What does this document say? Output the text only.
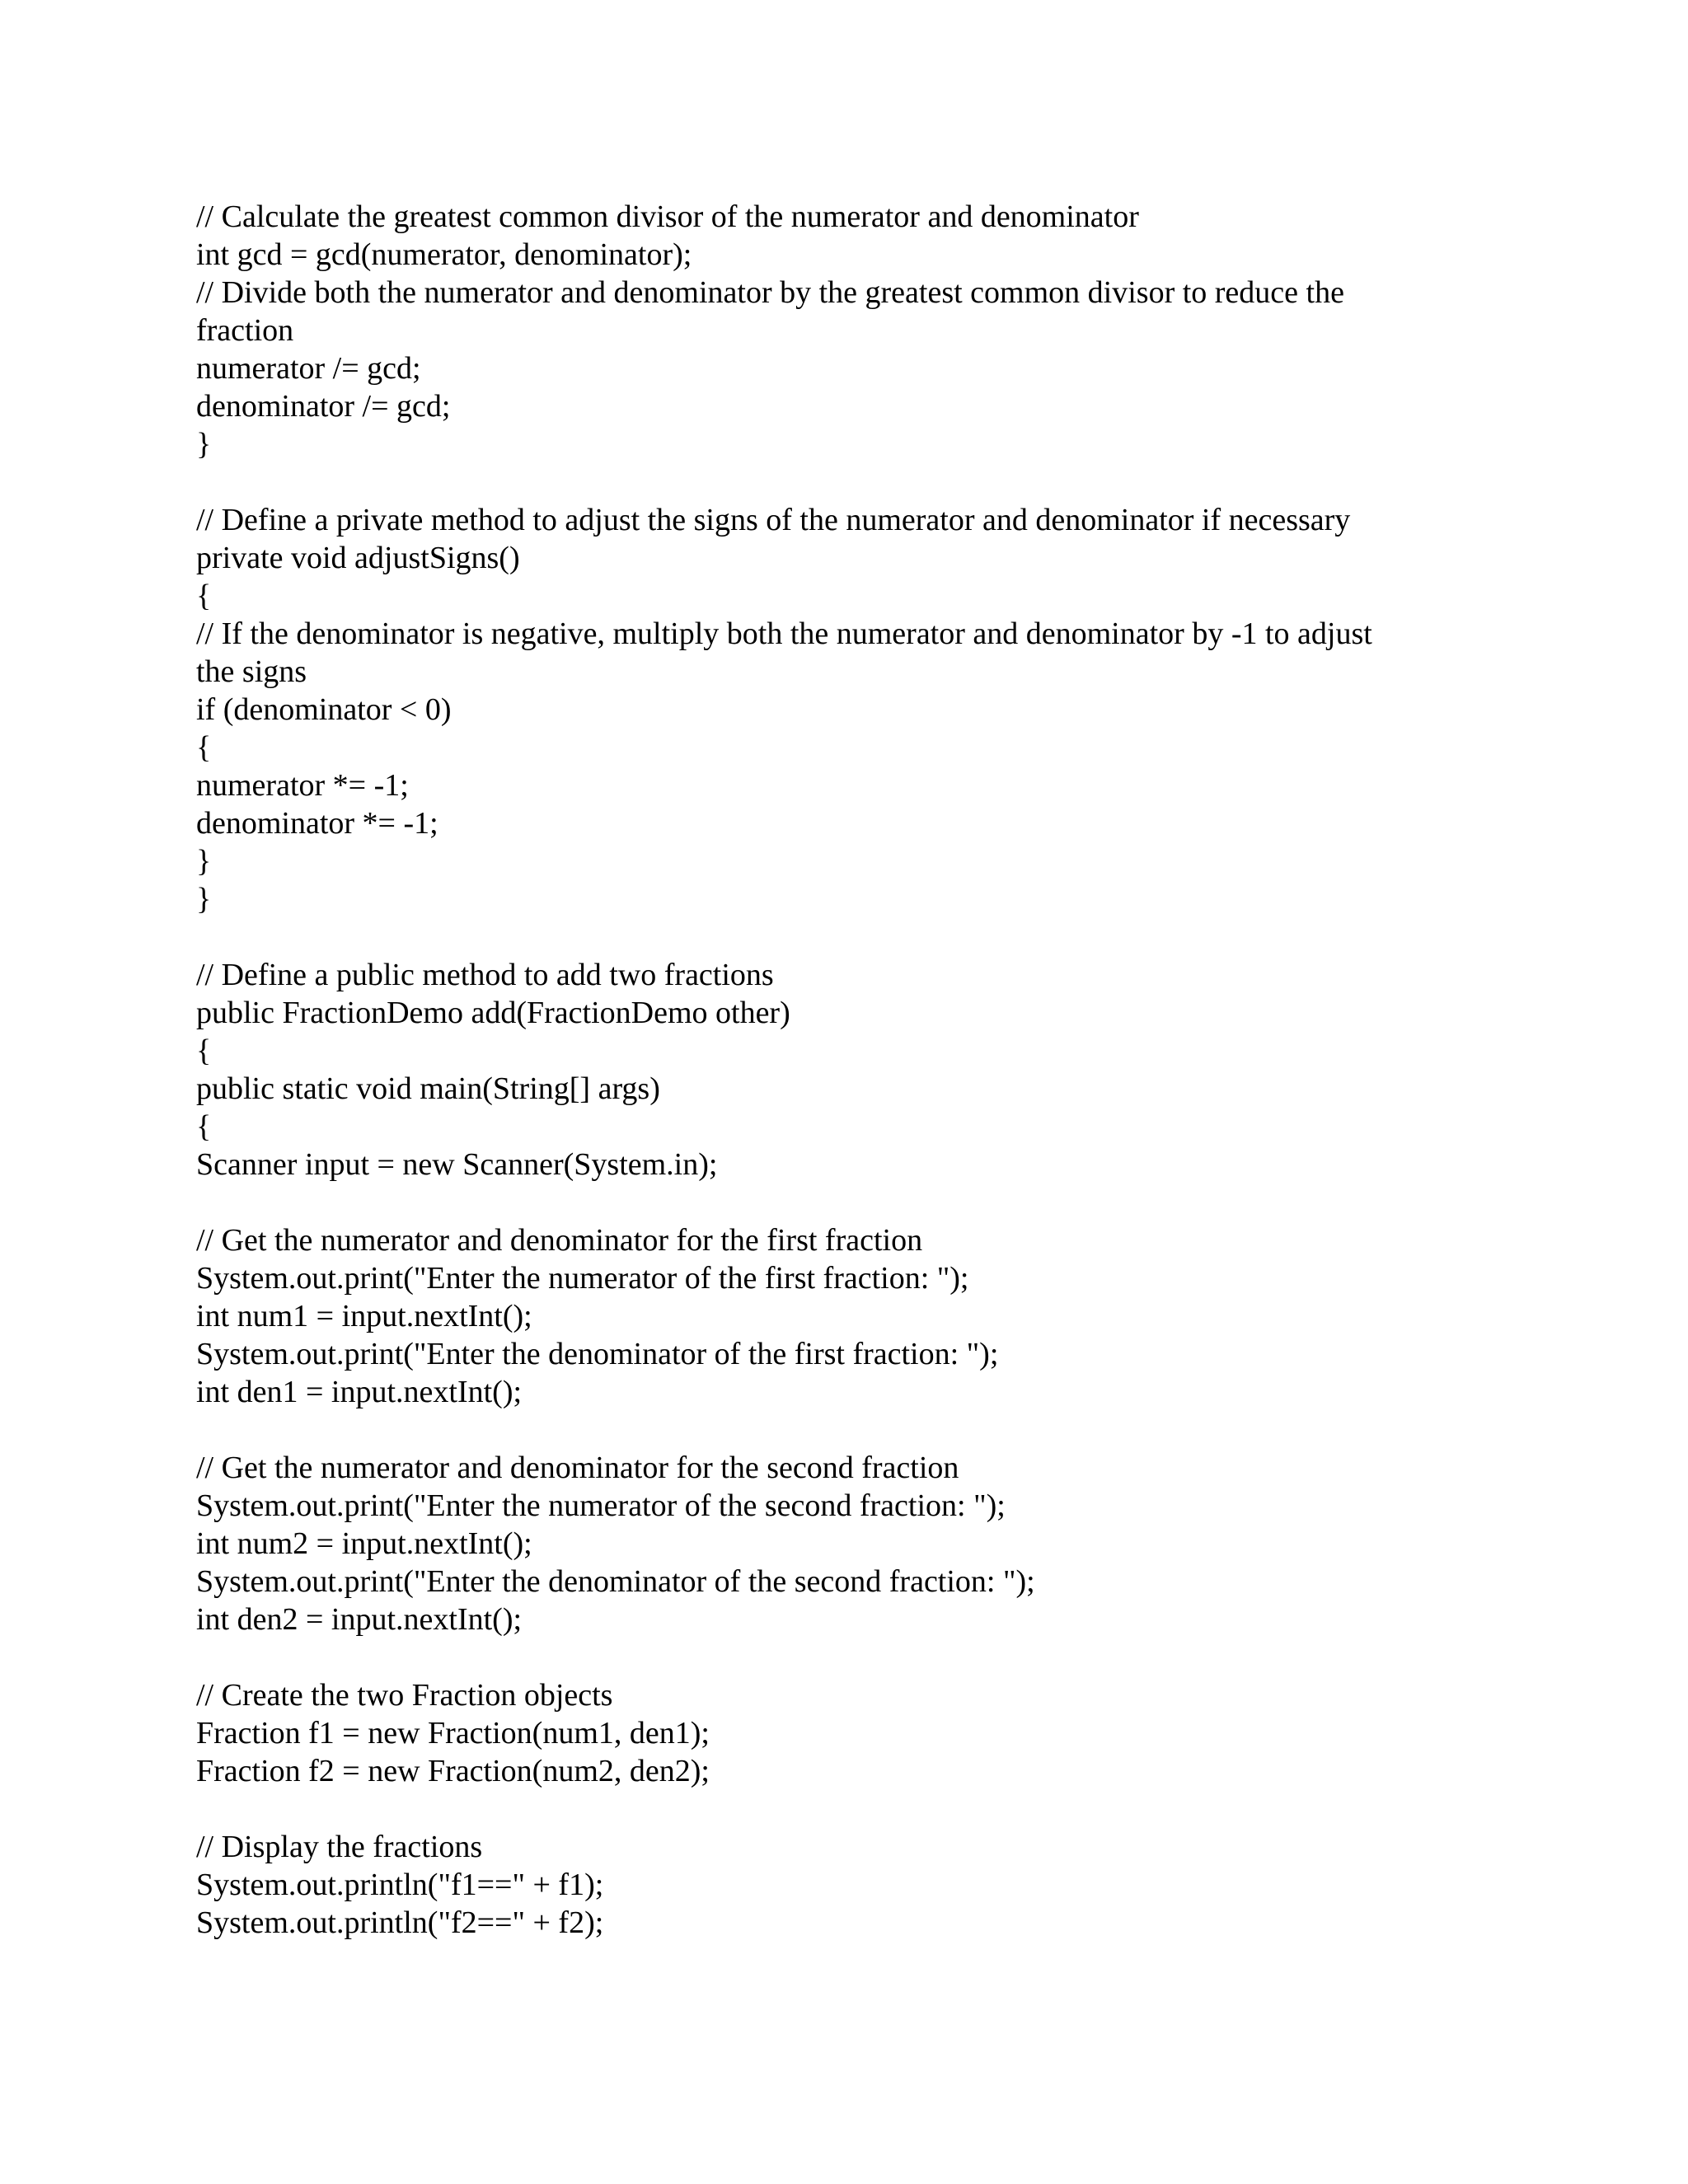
// Calculate the greatest common divisor of the numerator and denominator
int gcd = gcd(numerator, denominator);
// Divide both the numerator and denominator by the greatest common divisor to reduce the
fraction
numerator /= gcd;
denominator /= gcd;
}
// Define a private method to adjust the signs of the numerator and denominator if necessary
private void adjustSigns()
{
// If the denominator is negative, multiply both the numerator and denominator by -1 to adjust
the signs
if (denominator < 0)
{
numerator *= -1;
denominator *= -1;
}
}
// Define a public method to add two fractions
public FractionDemo add(FractionDemo other)
{
public static void main(String[] args)
{
Scanner input = new Scanner(System.in);
// Get the numerator and denominator for the first fraction
System.out.print("Enter the numerator of the first fraction: ");
int num1 = input.nextInt();
System.out.print("Enter the denominator of the first fraction: ");
int den1 = input.nextInt();
// Get the numerator and denominator for the second fraction
System.out.print("Enter the numerator of the second fraction: ");
int num2 = input.nextInt();
System.out.print("Enter the denominator of the second fraction: ");
int den2 = input.nextInt();
// Create the two Fraction objects
Fraction f1 = new Fraction(num1, den1);
Fraction f2 = new Fraction(num2, den2);
// Display the fractions
System.out.println("f1==" + f1);
System.out.println("f2==" + f2);
